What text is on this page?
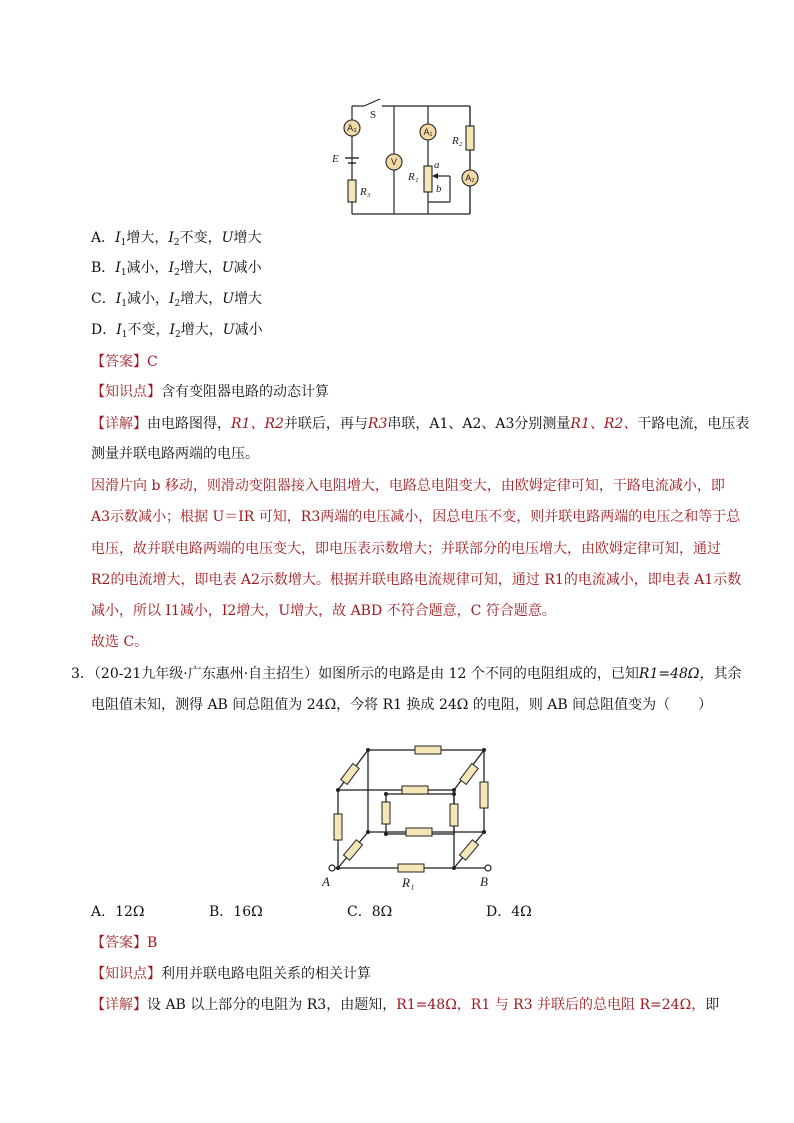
A₃
V
A₁
A₂
S
E
R₃
R₁
a
b
R₂
A．$I_1$增大，$I_2$不变，U增大
B．$I_1$减小，$I_2$增大，U减小
C．$I_1$减小，$I_2$增大，U增大
D．$I_1$不变，$I_2$增大，U减小
【答案】C
【知识点】含有变阻器电路的动态计算
【详解】由电路图得，R1、R2并联后，再与R3串联，A1、A2、A3分别测量R1、R2、干路电流，电压表
测量并联电路两端的电压。
因滑片向 b 移动，则滑动变阻器接入电阻增大，电路总电阻变大，由欧姆定律可知，干路电流减小，即
A3示数减小；根据 U＝IR 可知，R3两端的电压减小，因总电压不变，则并联电路两端的电压之和等于总
电压，故并联电路两端的电压变大，即电压表示数增大；并联部分的电压增大，由欧姆定律可知，通过
R2的电流增大，即电表 A2示数增大。根据并联电路电流规律可知，通过 R1的电流减小，即电表 A1示数
减小，所以 I1减小，I2增大，U增大，故 ABD 不符合题意，C 符合题意。
故选 C。
3．（20-21九年级·广东惠州·自主招生）如图所示的电路是由 12 个不同的电阻组成的，已知R1=48Ω，其余
电阻值未知，测得 AB 间总阻值为 24Ω，今将 R1 换成 24Ω 的电阻，则 AB 间总阻值变为（　　）
A	B
R₁
A．12Ω	B．16Ω	C．8Ω	D．4Ω
【答案】B
【知识点】利用并联电路电阻关系的相关计算
【详解】设 AB 以上部分的电阻为 R3，由题知，R1=48Ω，R1 与 R3 并联后的总电阻 R=24Ω，即
